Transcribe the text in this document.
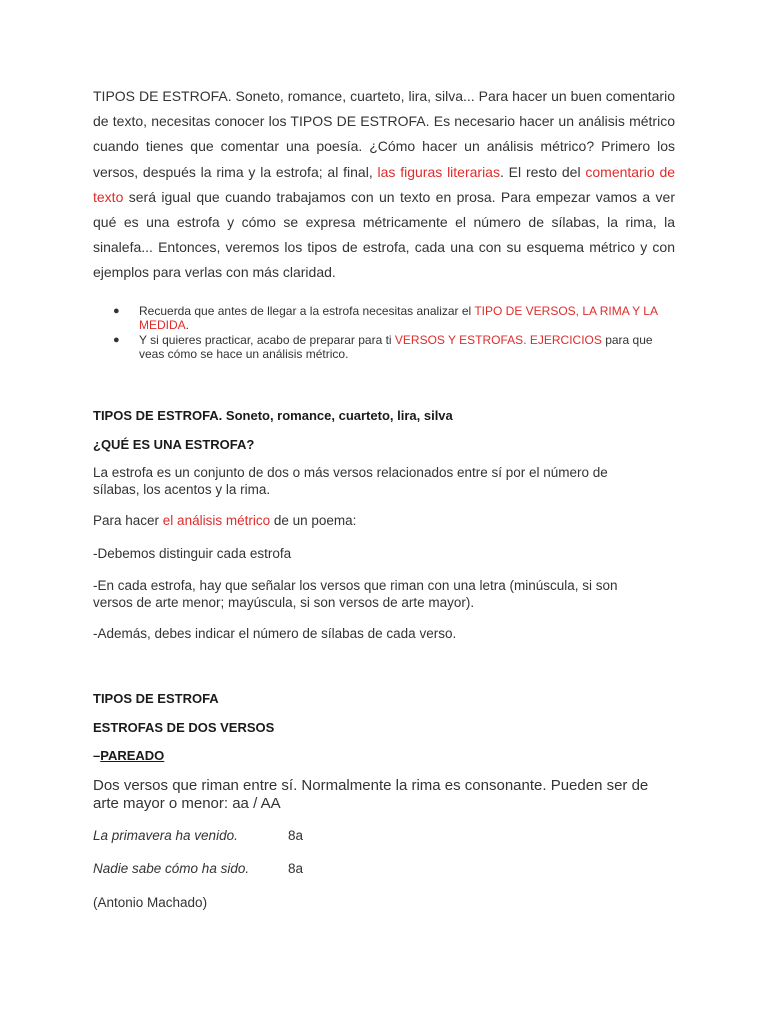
TIPOS DE ESTROFA. Soneto, romance, cuarteto, lira, silva... Para hacer un buen comentario de texto, necesitas conocer los TIPOS DE ESTROFA. Es necesario hacer un análisis métrico cuando tienes que comentar una poesía. ¿Cómo hacer un análisis métrico? Primero los versos, después la rima y la estrofa; al final, las figuras literarias. El resto del comentario de texto será igual que cuando trabajamos con un texto en prosa. Para empezar vamos a ver qué es una estrofa y cómo se expresa métricamente el número de sílabas, la rima, la sinalefa... Entonces, veremos los tipos de estrofa, cada una con su esquema métrico y con ejemplos para verlas con más claridad.

● Recuerda que antes de llegar a la estrofa necesitas analizar el TIPO DE VERSOS, LA RIMA Y LA MEDIDA.
● Y si quieres practicar, acabo de preparar para ti VERSOS Y ESTROFAS. EJERCICIOS para que veas cómo se hace un análisis métrico.
TIPOS DE ESTROFA. Soneto, romance, cuarteto, lira, silva
¿QUÉ ES UNA ESTROFA?

La estrofa es un conjunto de dos o más versos relacionados entre sí por el número de sílabas, los acentos y la rima.

Para hacer el análisis métrico de un poema:

-Debemos distinguir cada estrofa

-En cada estrofa, hay que señalar los versos que riman con una letra (minúscula, si son versos de arte menor; mayúscula, si son versos de arte mayor).

-Además, debes indicar el número de sílabas de cada verso.

TIPOS DE ESTROFA
ESTROFAS DE DOS VERSOS
–PAREADO

Dos versos que riman entre sí. Normalmente la rima es consonante. Pueden ser de arte mayor o menor: aa / AA

La primavera ha venido.	8a
Nadie sabe cómo ha sido.	8a
(Antonio Machado)
